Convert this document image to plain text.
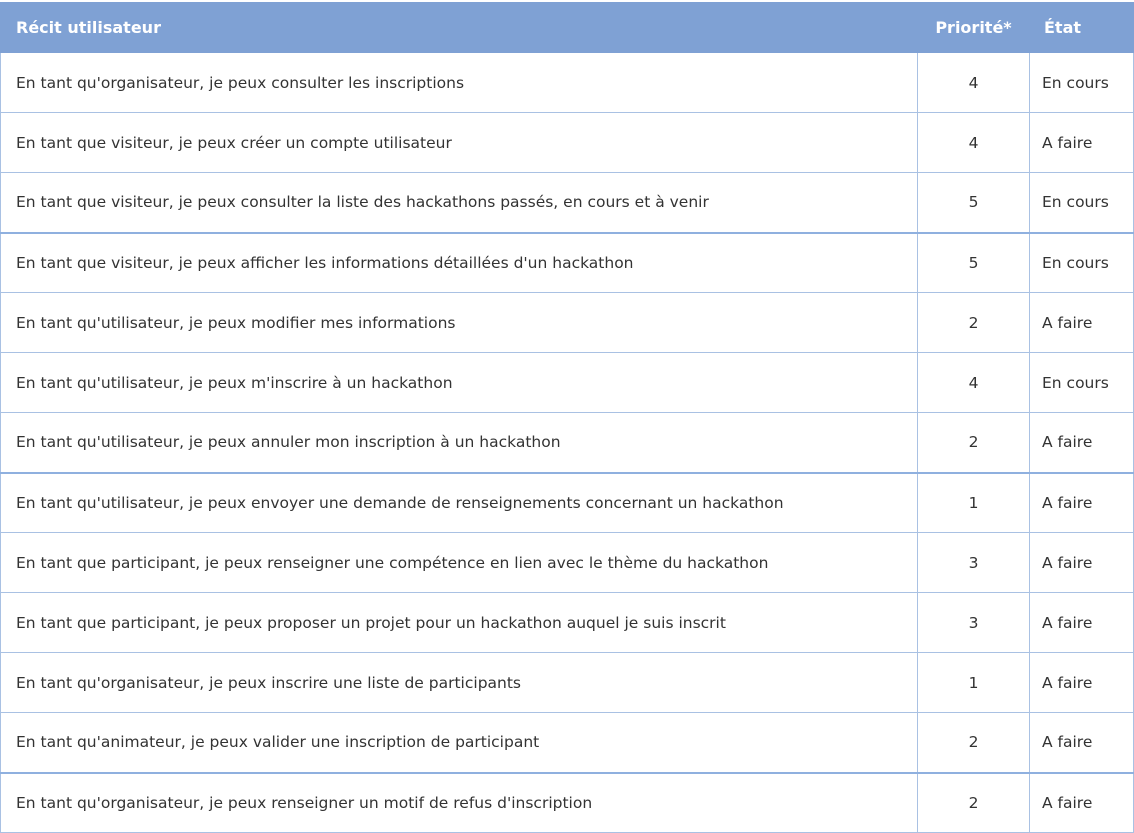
Récit utilisateur	Priorité*	État
En tant qu'organisateur, je peux consulter les inscriptions	4	En cours
En tant que visiteur, je peux créer un compte utilisateur	4	A faire
En tant que visiteur, je peux consulter la liste des hackathons passés, en cours et à venir	5	En cours
En tant que visiteur, je peux afficher les informations détaillées d'un hackathon	5	En cours
En tant qu'utilisateur, je peux modifier mes informations	2	A faire
En tant qu'utilisateur, je peux m'inscrire à un hackathon	4	En cours
En tant qu'utilisateur, je peux annuler mon inscription à un hackathon	2	A faire
En tant qu'utilisateur, je peux envoyer une demande de renseignements concernant un hackathon	1	A faire
En tant que participant, je peux renseigner une compétence en lien avec le thème du hackathon	3	A faire
En tant que participant, je peux proposer un projet pour un hackathon auquel je suis inscrit	3	A faire
En tant qu'organisateur, je peux inscrire une liste de participants	1	A faire
En tant qu'animateur, je peux valider une inscription de participant	2	A faire
En tant qu'organisateur, je peux renseigner un motif de refus d'inscription	2	A faire
